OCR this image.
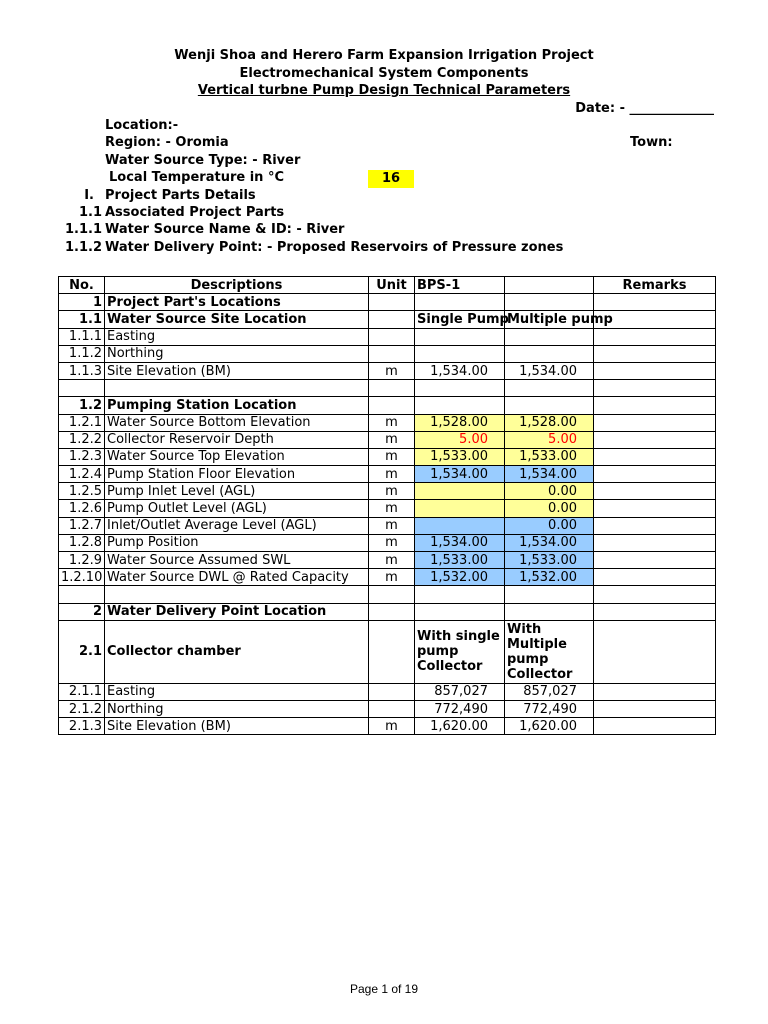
Wenji Shoa and Herero Farm Expansion Irrigation Project
Electromechanical System Components
Vertical turbne Pump Design Technical Parameters
Date: - _____________
Location:-
Region: - Oromia	Town:
Water Source Type: - River
Local Temperature in °C	16
I. Project Parts Details
1.1 Associated Project Parts
1.1.1 Water Source Name & ID: - River
1.1.2 Water Delivery Point: - Proposed Reservoirs of Pressure zones
No.	Descriptions	Unit	BPS-1		Remarks
1	Project Part's Locations				
1.1	Water Source Site Location		Single Pump	Multiple pump	
1.1.1	Easting				
1.1.2	Northing				
1.1.3	Site Elevation (BM)	m	1,534.00	1,534.00	

1.2	Pumping Station Location				
1.2.1	Water Source Bottom Elevation	m	1,528.00	1,528.00	
1.2.2	Collector Reservoir Depth	m	5.00	5.00	
1.2.3	Water Source Top Elevation	m	1,533.00	1,533.00	
1.2.4	Pump Station Floor Elevation	m	1,534.00	1,534.00	
1.2.5	Pump Inlet Level (AGL)	m		0.00	
1.2.6	Pump Outlet Level (AGL)	m		0.00	
1.2.7	Inlet/Outlet Average Level (AGL)	m		0.00	
1.2.8	Pump Position	m	1,534.00	1,534.00	
1.2.9	Water Source Assumed SWL	m	1,533.00	1,533.00	
1.2.10	Water Source DWL @ Rated Capacity	m	1,532.00	1,532.00	

2	Water Delivery Point Location				
2.1	Collector chamber		With single pump Collector	With Multiple pump Collector	
2.1.1	Easting		857,027	857,027	
2.1.2	Northing		772,490	772,490	
2.1.3	Site Elevation (BM)	m	1,620.00	1,620.00	
Page 1 of 19
